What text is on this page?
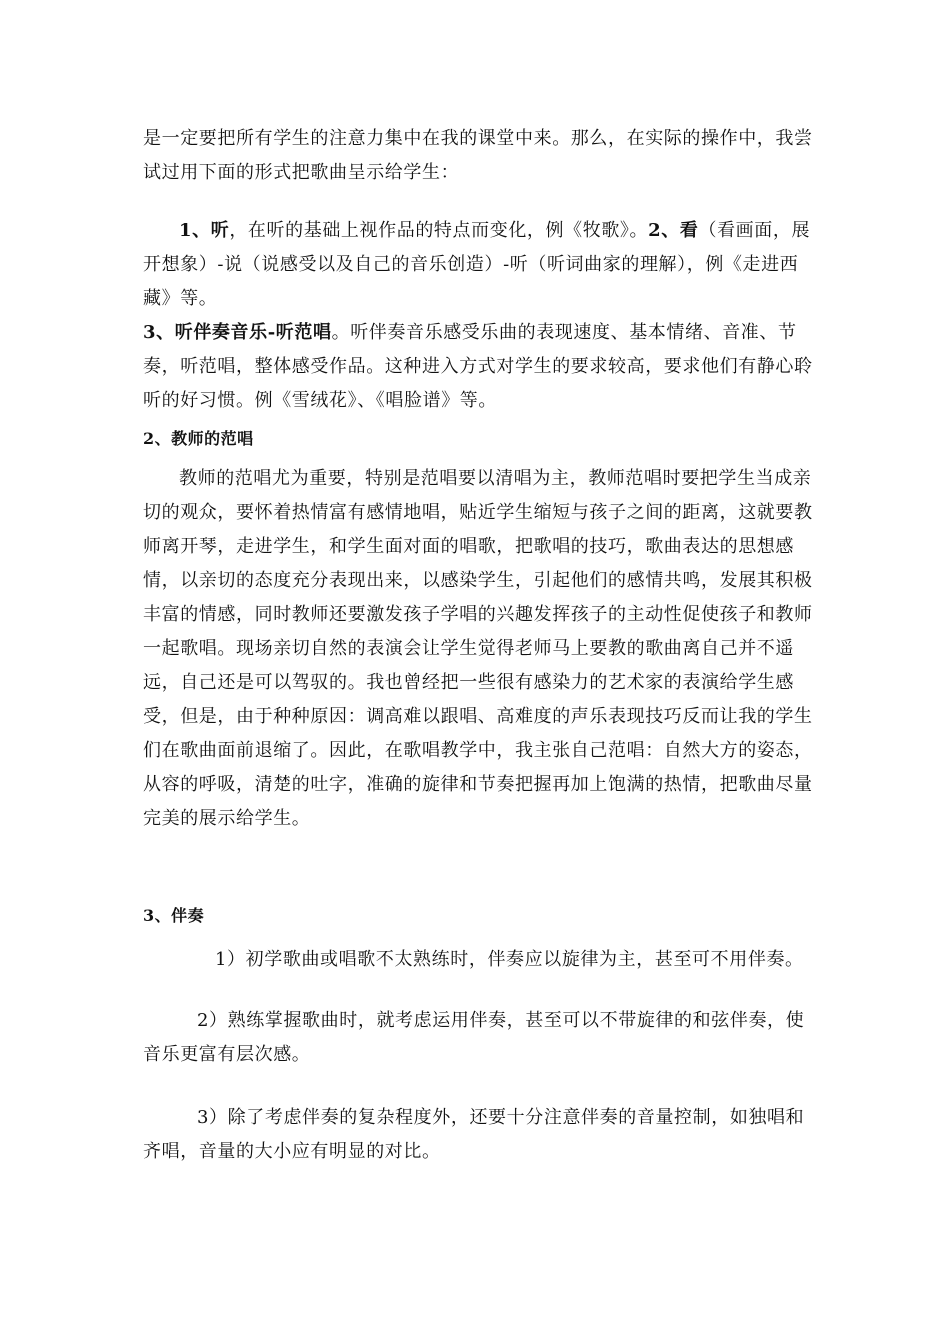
是一定要把所有学生的注意力集中在我的课堂中来。那么，在实际的操作中，我尝试过用下面的形式把歌曲呈示给学生：

1、听，在听的基础上视作品的特点而变化，例《牧歌》。2、看（看画面，展开想象）-说（说感受以及自己的音乐创造）-听（听词曲家的理解），例《走进西藏》等。
3、听伴奏音乐-听范唱。听伴奏音乐感受乐曲的表现速度、基本情绪、音准、节奏，听范唱，整体感受作品。这种进入方式对学生的要求较高，要求他们有静心聆听的好习惯。例《雪绒花》、《唱脸谱》等。

2、教师的范唱

教师的范唱尤为重要，特别是范唱要以清唱为主，教师范唱时要把学生当成亲切的观众，要怀着热情富有感情地唱，贴近学生缩短与孩子之间的距离，这就要教师离开琴，走进学生，和学生面对面的唱歌，把歌唱的技巧，歌曲表达的思想感情，以亲切的态度充分表现出来，以感染学生，引起他们的感情共鸣，发展其积极丰富的情感，同时教师还要激发孩子学唱的兴趣发挥孩子的主动性促使孩子和教师一起歌唱。现场亲切自然的表演会让学生觉得老师马上要教的歌曲离自己并不遥远，自己还是可以驾驭的。我也曾经把一些很有感染力的艺术家的表演给学生感受，但是，由于种种原因：调高难以跟唱、高难度的声乐表现技巧反而让我的学生们在歌曲面前退缩了。因此，在歌唱教学中，我主张自己范唱：自然大方的姿态，从容的呼吸，清楚的吐字，准确的旋律和节奏把握再加上饱满的热情，把歌曲尽量完美的展示给学生。

3、伴奏

1）初学歌曲或唱歌不太熟练时，伴奏应以旋律为主，甚至可不用伴奏。

2）熟练掌握歌曲时，就考虑运用伴奏，甚至可以不带旋律的和弦伴奏，使音乐更富有层次感。

3）除了考虑伴奏的复杂程度外，还要十分注意伴奏的音量控制，如独唱和齐唱，音量的大小应有明显的对比。
